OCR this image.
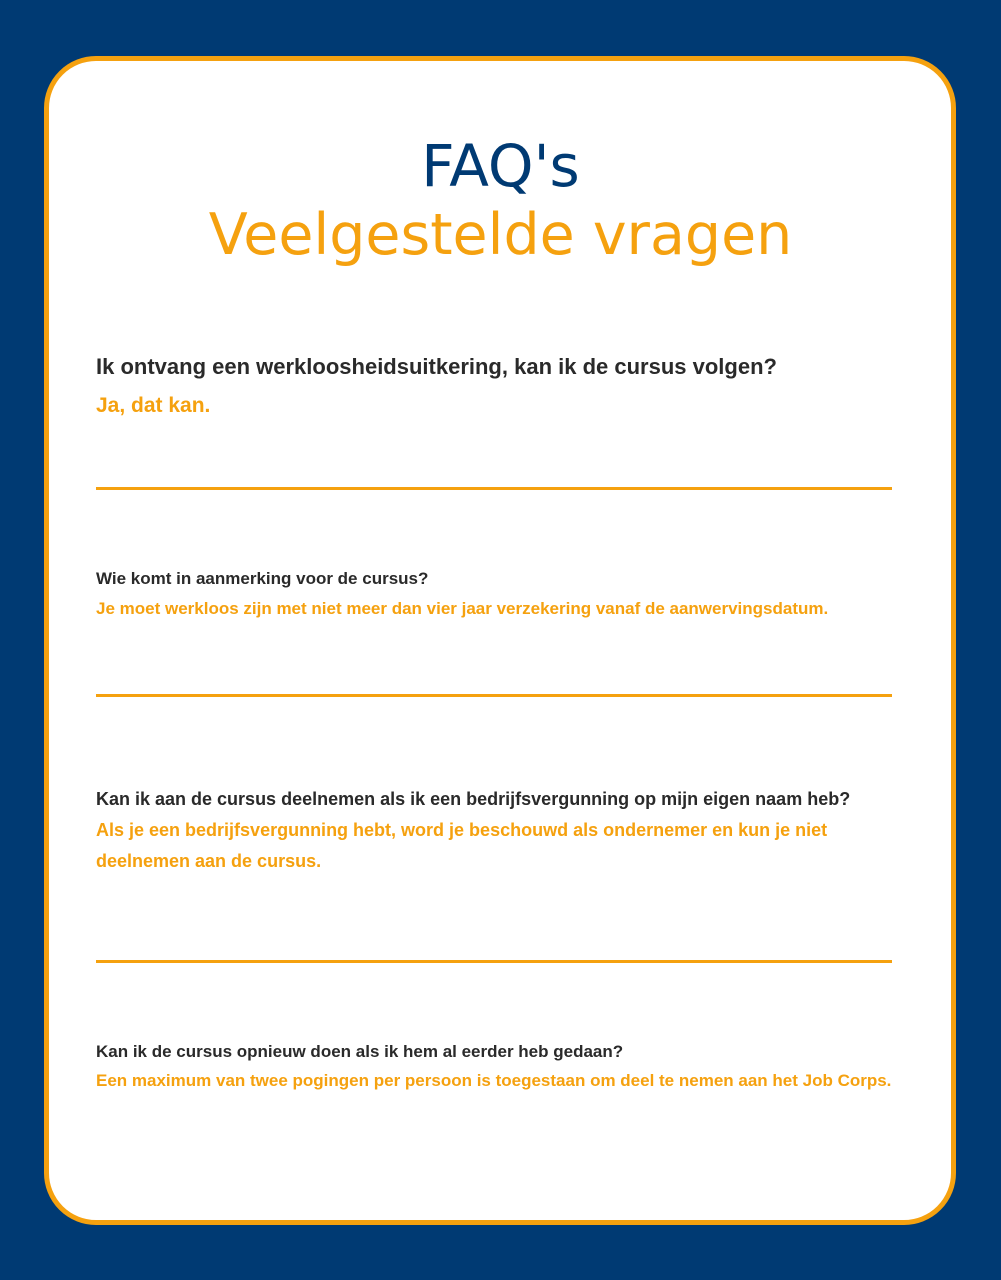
FAQ's
Veelgestelde vragen

Ik ontvang een werkloosheidsuitkering, kan ik de cursus volgen?

Ja, dat kan.

Wie komt in aanmerking voor de cursus?

Je moet werkloos zijn met niet meer dan vier jaar verzekering vanaf de aanwervingsdatum.

Kan ik aan de cursus deelnemen als ik een bedrijfsvergunning op mijn eigen naam heb?

Als je een bedrijfsvergunning hebt, word je beschouwd als ondernemer en kun je niet deelnemen aan de cursus.

Kan ik de cursus opnieuw doen als ik hem al eerder heb gedaan?

Een maximum van twee pogingen per persoon is toegestaan om deel te nemen aan het Job Corps.
